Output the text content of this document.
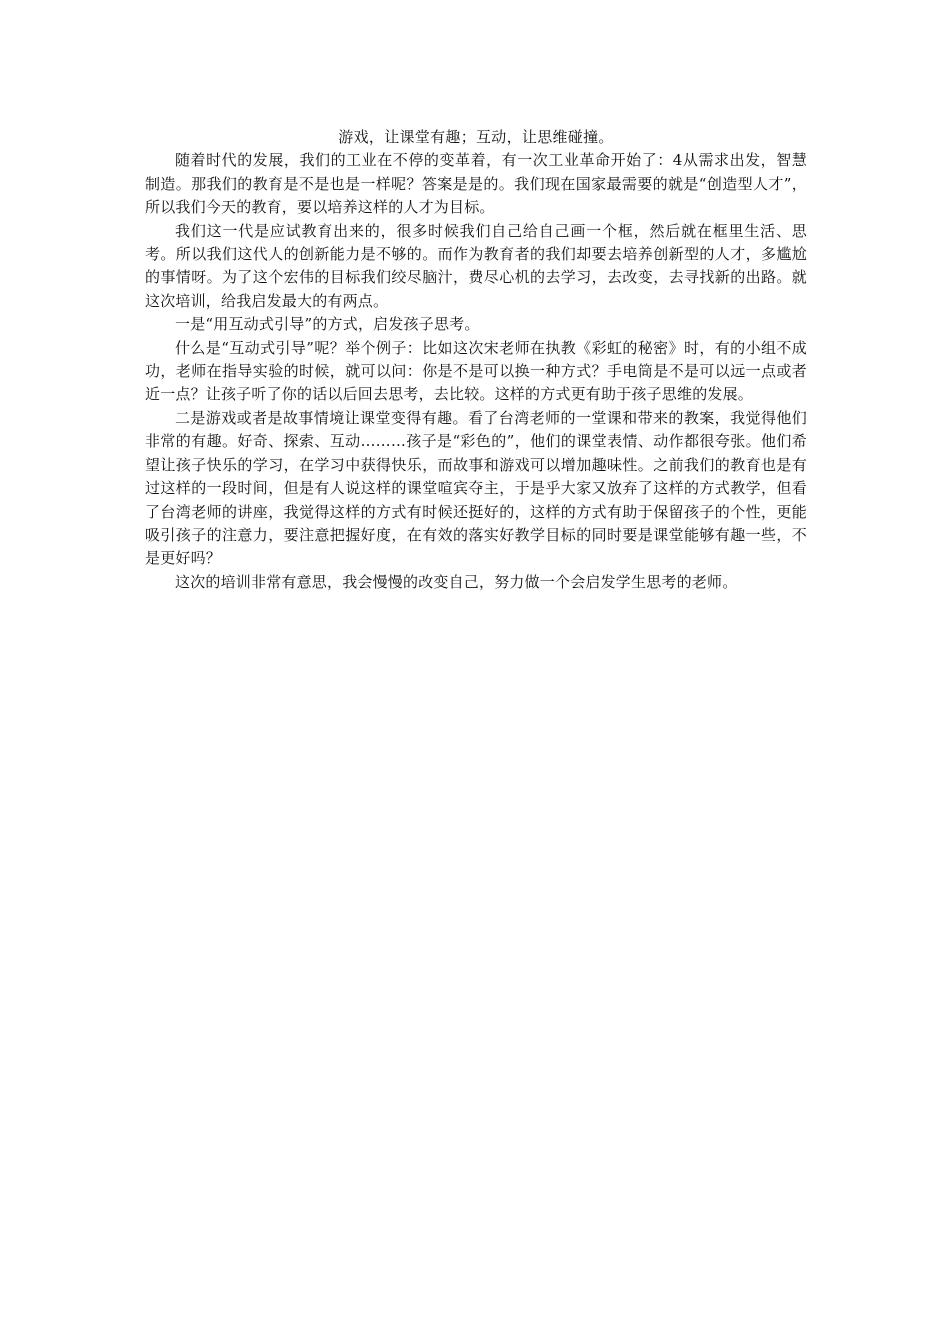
游戏，让课堂有趣；互动，让思维碰撞。

随着时代的发展，我们的工业在不停的变革着，有一次工业革命开始了：4从需求出发，智慧制造。那我们的教育是不是也是一样呢？答案是是的。我们现在国家最需要的就是“创造型人才”，所以我们今天的教育，要以培养这样的人才为目标。

我们这一代是应试教育出来的，很多时候我们自己给自己画一个框，然后就在框里生活、思考。所以我们这代人的创新能力是不够的。而作为教育者的我们却要去培养创新型的人才，多尴尬的事情呀。为了这个宏伟的目标我们绞尽脑汁，费尽心机的去学习，去改变，去寻找新的出路。就这次培训，给我启发最大的有两点。

一是“用互动式引导”的方式，启发孩子思考。

什么是“互动式引导”呢？举个例子：比如这次宋老师在执教《彩虹的秘密》时，有的小组不成功，老师在指导实验的时候，就可以问：你是不是可以换一种方式？手电筒是不是可以远一点或者近一点？让孩子听了你的话以后回去思考，去比较。这样的方式更有助于孩子思维的发展。

二是游戏或者是故事情境让课堂变得有趣。看了台湾老师的一堂课和带来的教案，我觉得他们非常的有趣。好奇、探索、互动………孩子是“彩色的”，他们的课堂表情、动作都很夸张。他们希望让孩子快乐的学习，在学习中获得快乐，而故事和游戏可以增加趣味性。之前我们的教育也是有过这样的一段时间，但是有人说这样的课堂喧宾夺主，于是乎大家又放弃了这样的方式教学，但看了台湾老师的讲座，我觉得这样的方式有时候还挺好的，这样的方式有助于保留孩子的个性，更能吸引孩子的注意力，要注意把握好度，在有效的落实好教学目标的同时要是课堂能够有趣一些，不是更好吗？

这次的培训非常有意思，我会慢慢的改变自己，努力做一个会启发学生思考的老师。
